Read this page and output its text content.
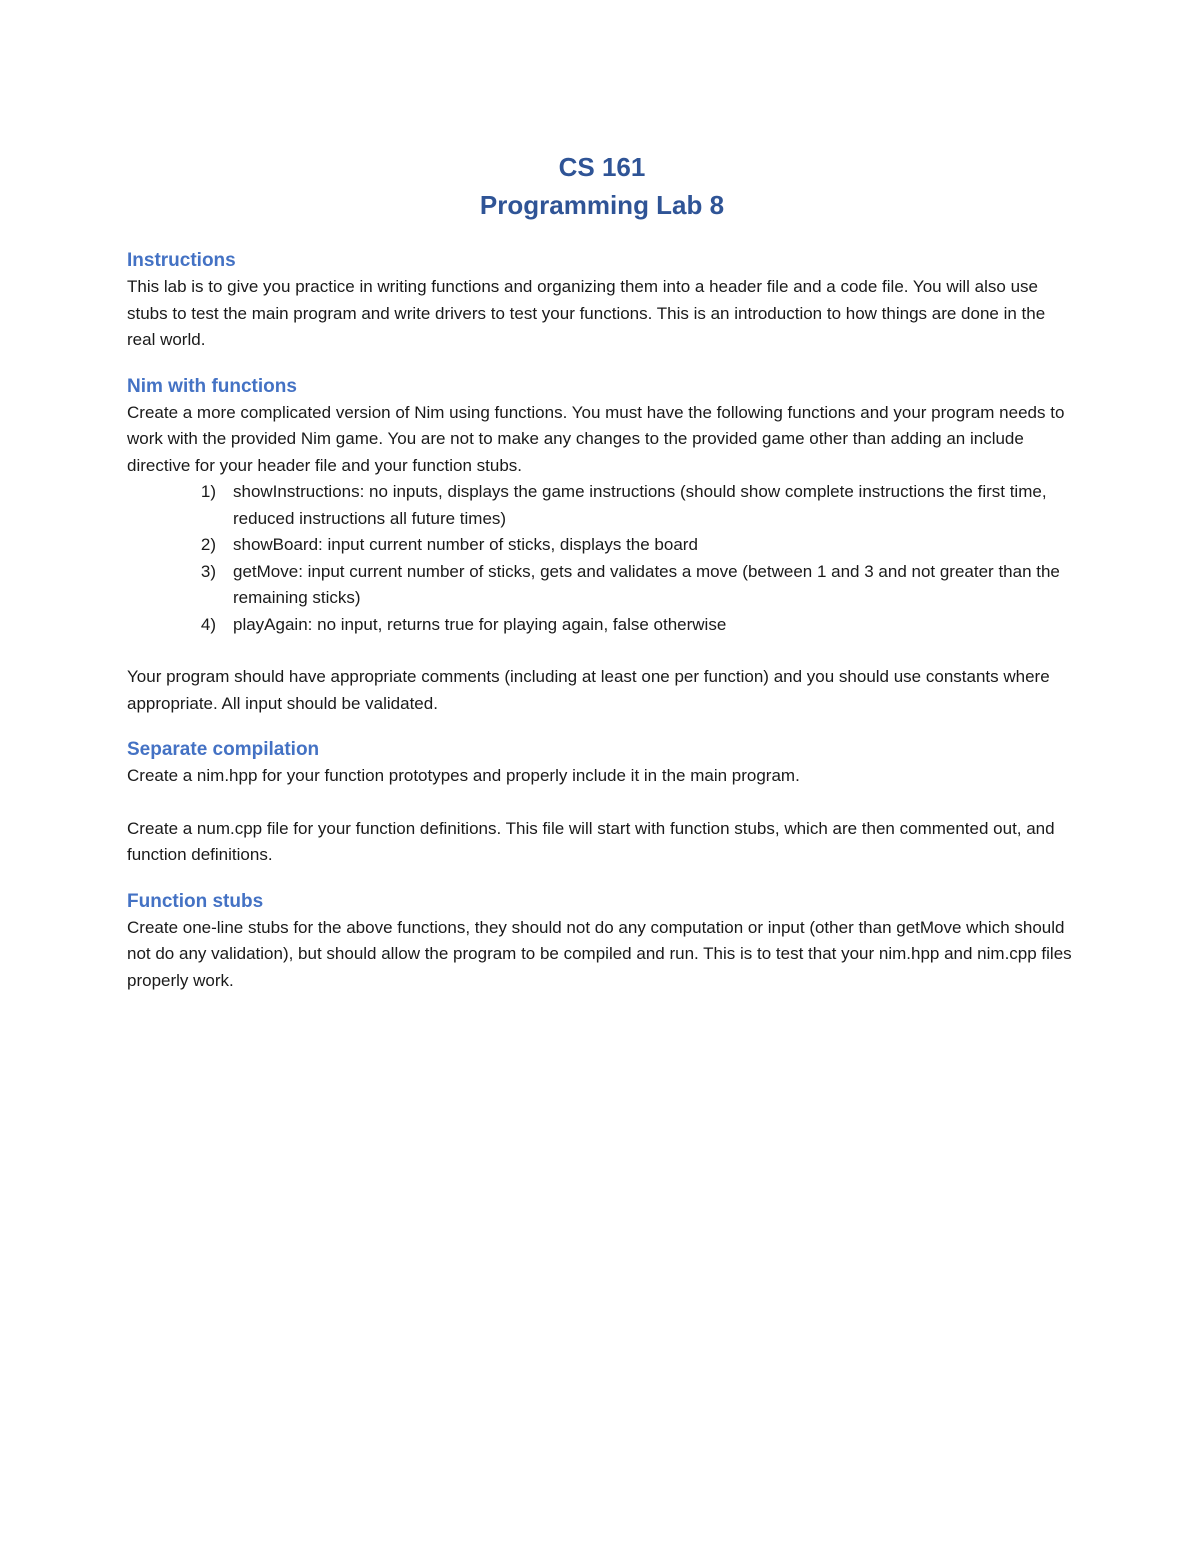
CS 161
Programming Lab 8
Instructions

This lab is to give you practice in writing functions and organizing them into a header file and a code file. You will also use stubs to test the main program and write drivers to test your functions. This is an introduction to how things are done in the real world.

Nim with functions

Create a more complicated version of Nim using functions. You must have the following functions and your program needs to work with the provided Nim game. You are not to make any changes to the provided game other than adding an include directive for your header file and your function stubs.

1)	showInstructions: no inputs, displays the game instructions (should show complete instructions the first time, reduced instructions all future times)
2)	showBoard: input current number of sticks, displays the board
3)	getMove: input current number of sticks, gets and validates a move (between 1 and 3 and not greater than the remaining sticks)
4)	playAgain: no input, returns true for playing again, false otherwise

Your program should have appropriate comments (including at least one per function) and you should use constants where appropriate. All input should be validated.

Separate compilation

Create a nim.hpp for your function prototypes and properly include it in the main program.

Create a num.cpp file for your function definitions. This file will start with function stubs, which are then commented out, and function definitions.

Function stubs

Create one-line stubs for the above functions, they should not do any computation or input (other than getMove which should not do any validation), but should allow the program to be compiled and run. This is to test that your nim.hpp and nim.cpp files properly work.
